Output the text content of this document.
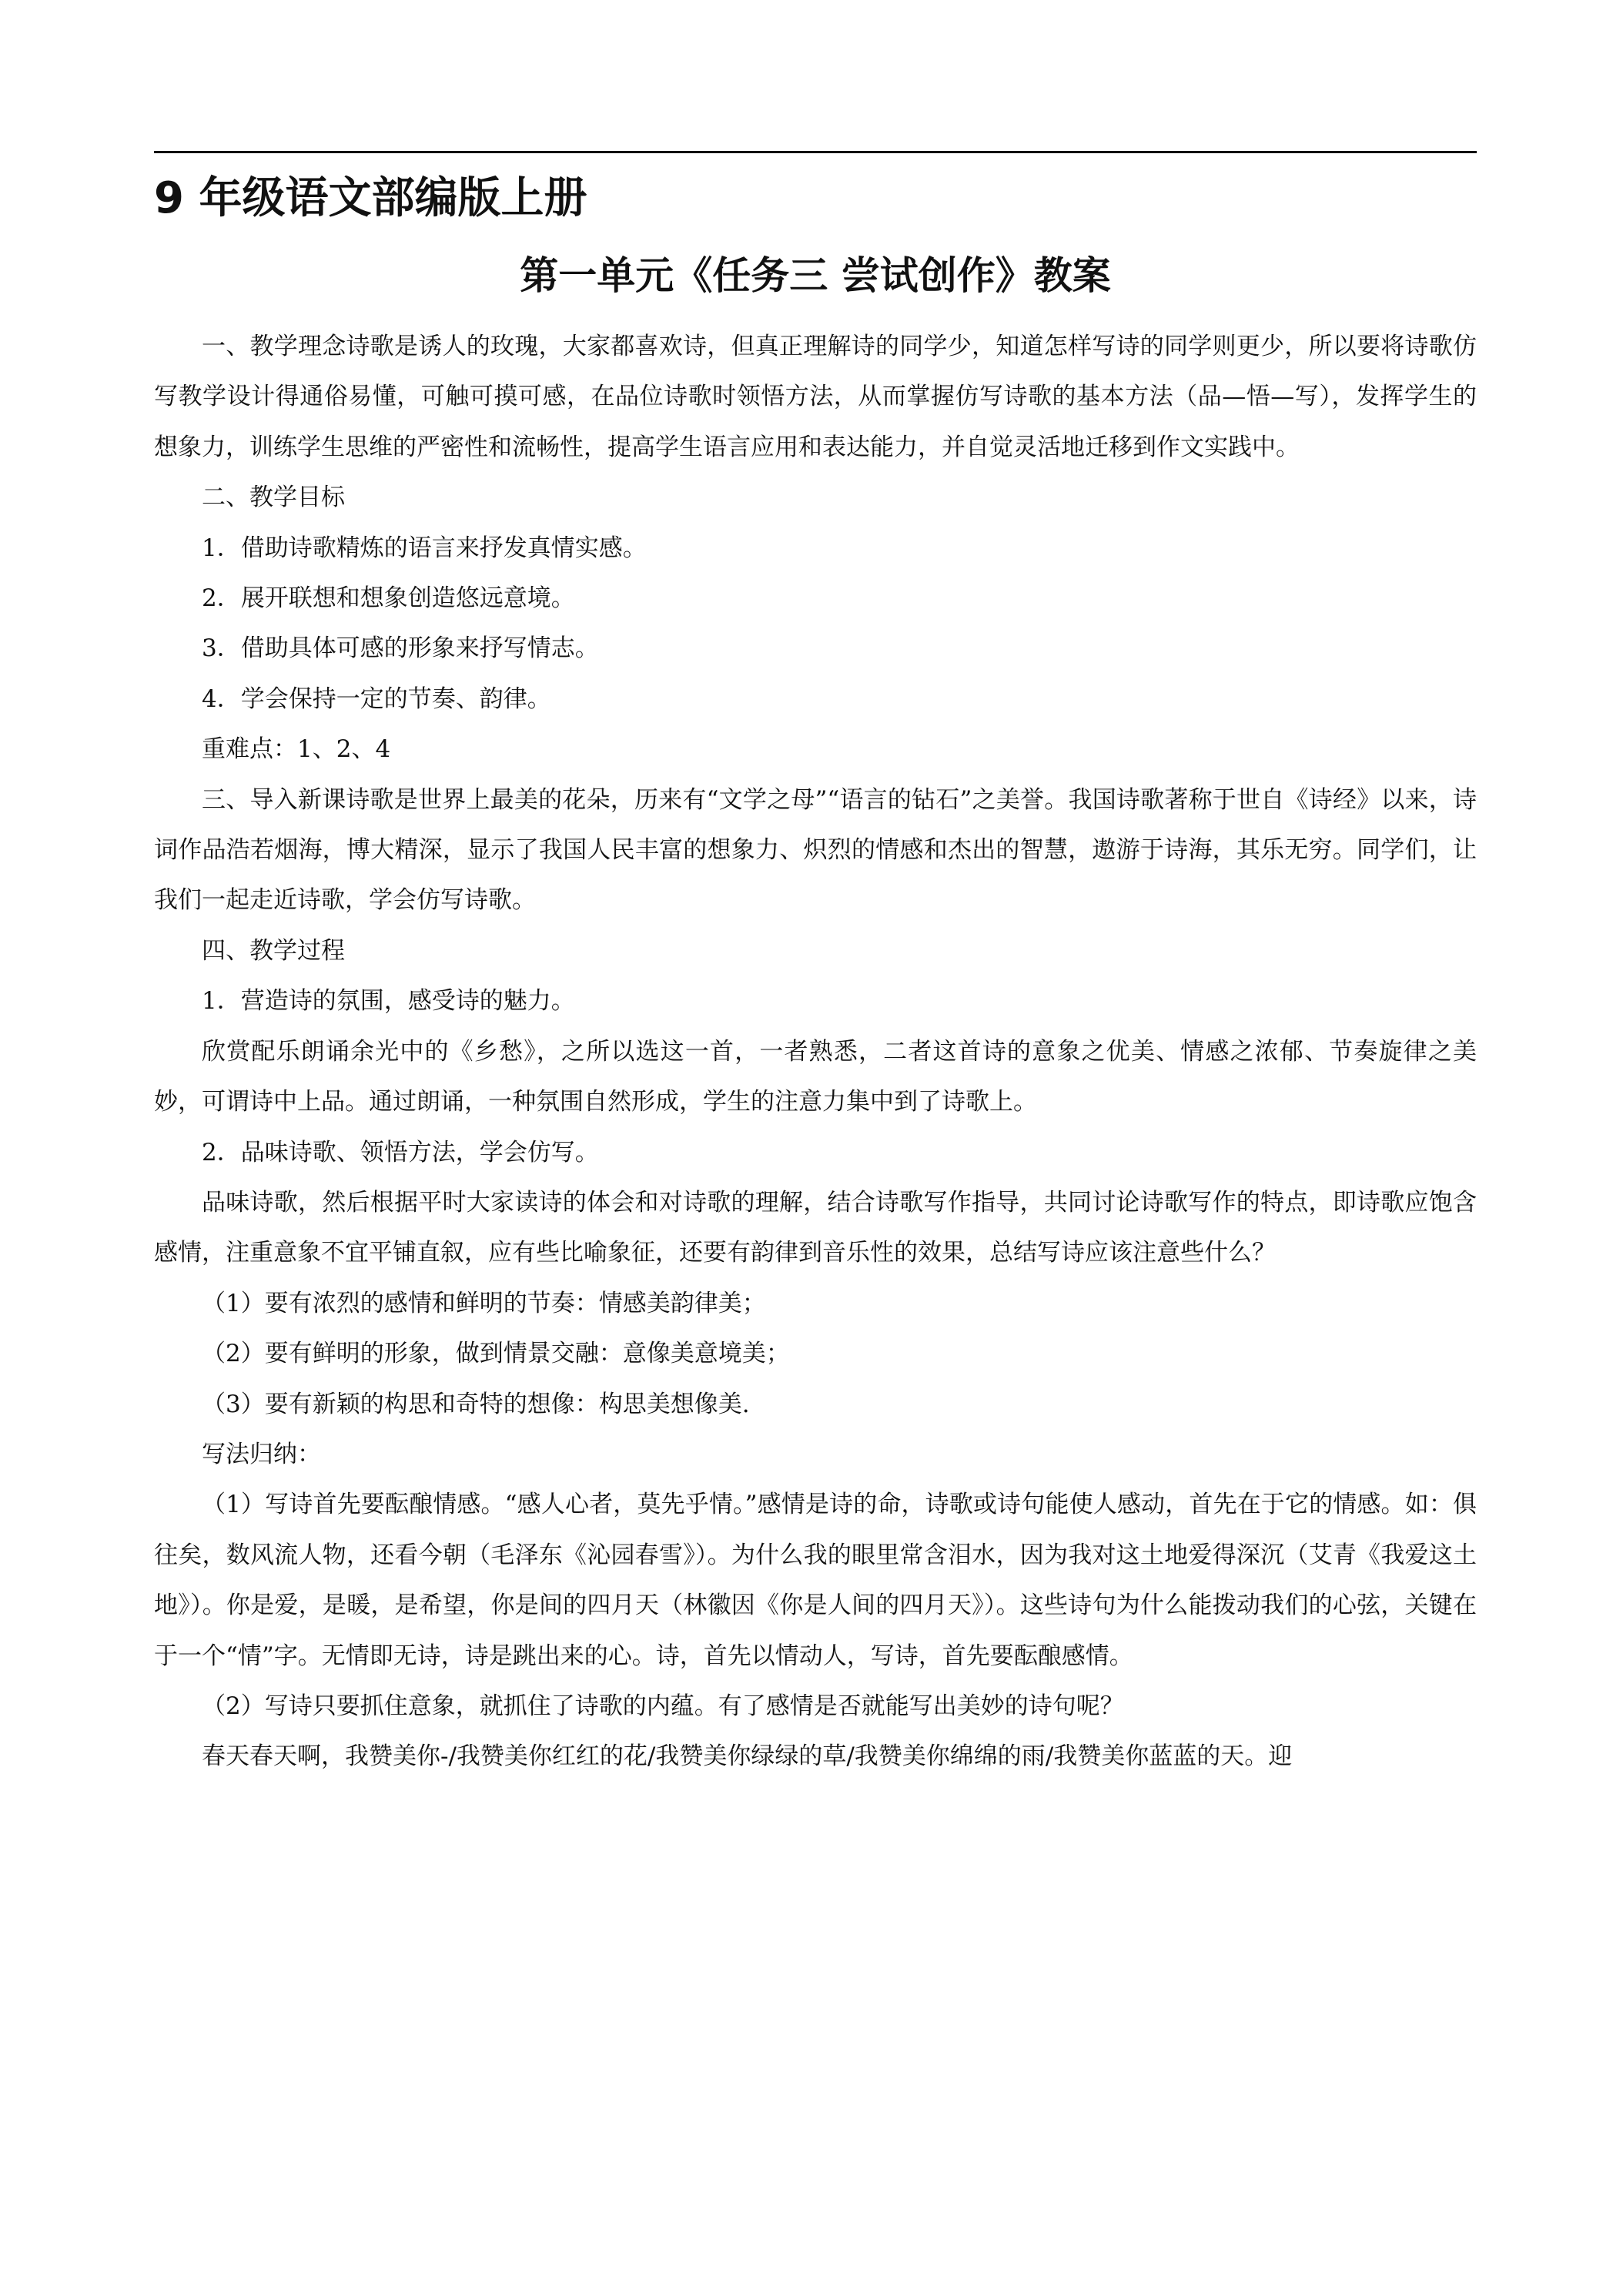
9 年级语文部编版上册
第一单元《任务三 尝试创作》教案

一、教学理念诗歌是诱人的玫瑰，大家都喜欢诗，但真正理解诗的同学少，知道怎样写诗的同学则更少，所以要将诗歌仿写教学设计得通俗易懂，可触可摸可感，在品位诗歌时领悟方法，从而掌握仿写诗歌的基本方法（品—悟—写），发挥学生的想象力，训练学生思维的严密性和流畅性，提高学生语言应用和表达能力，并自觉灵活地迁移到作文实践中。

二、教学目标

1．借助诗歌精炼的语言来抒发真情实感。

2．展开联想和想象创造悠远意境。

3．借助具体可感的形象来抒写情志。

4．学会保持一定的节奏、韵律。

重难点：1、2、4

三、导入新课诗歌是世界上最美的花朵，历来有“文学之母”“语言的钻石”之美誉。我国诗歌著称于世自《诗经》以来，诗词作品浩若烟海，博大精深，显示了我国人民丰富的想象力、炽烈的情感和杰出的智慧，遨游于诗海，其乐无穷。同学们，让我们一起走近诗歌，学会仿写诗歌。

四、教学过程

1．营造诗的氛围，感受诗的魅力。

欣赏配乐朗诵余光中的《乡愁》，之所以选这一首，一者熟悉，二者这首诗的意象之优美、情感之浓郁、节奏旋律之美妙，可谓诗中上品。通过朗诵，一种氛围自然形成，学生的注意力集中到了诗歌上。

2．品味诗歌、领悟方法，学会仿写。

品味诗歌，然后根据平时大家读诗的体会和对诗歌的理解，结合诗歌写作指导，共同讨论诗歌写作的特点，即诗歌应饱含感情，注重意象不宜平铺直叙，应有些比喻象征，还要有韵律到音乐性的效果，总结写诗应该注意些什么？

（1）要有浓烈的感情和鲜明的节奏：情感美韵律美；

（2）要有鲜明的形象，做到情景交融：意像美意境美；

（3）要有新颖的构思和奇特的想像：构思美想像美.

写法归纳：

（1）写诗首先要酝酿情感。“感人心者，莫先乎情。”感情是诗的命，诗歌或诗句能使人感动，首先在于它的情感。如：俱往矣，数风流人物，还看今朝（毛泽东《沁园春雪》）。为什么我的眼里常含泪水，因为我对这土地爱得深沉（艾青《我爱这土地》）。你是爱，是暖，是希望，你是间的四月天（林徽因《你是人间的四月天》）。这些诗句为什么能拨动我们的心弦，关键在于一个“情”字。无情即无诗，诗是跳出来的心。诗，首先以情动人，写诗，首先要酝酿感情。

（2）写诗只要抓住意象，就抓住了诗歌的内蕴。有了感情是否就能写出美妙的诗句呢？

春天春天啊，我赞美你-/我赞美你红红的花/我赞美你绿绿的草/我赞美你绵绵的雨/我赞美你蓝蓝的天。迎
